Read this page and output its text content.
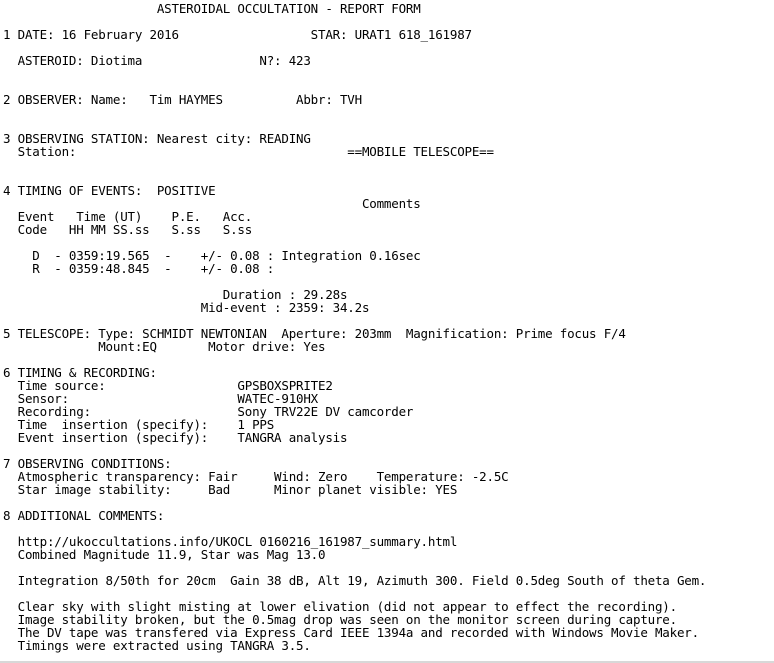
ASTEROIDAL OCCULTATION - REPORT FORM

1 DATE: 16 February 2016                  STAR: URAT1 618_161987

ASTEROID: Diotima                N?: 423

2 OBSERVER: Name:   Tim HAYMES          Abbr: TVH

3 OBSERVING STATION: Nearest city: READING
Station:                                     ==MOBILE TELESCOPE==

4 TIMING OF EVENTS:  POSITIVE
Comments
Event   Time (UT)    P.E.   Acc.
Code   HH MM SS.ss   S.ss   S.ss

D  - 0359:19.565  -    +/- 0.08 : Integration 0.16sec
R  - 0359:48.845  -    +/- 0.08 :

Duration : 29.28s
Mid-event : 2359: 34.2s

5 TELESCOPE: Type: SCHMIDT NEWTONIAN  Aperture: 203mm  Magnification: Prime focus F/4
Mount:EQ       Motor drive: Yes

6 TIMING & RECORDING:
Time source:                  GPSBOXSPRITE2
Sensor:                       WATEC-910HX
Recording:                    Sony TRV22E DV camcorder
Time  insertion (specify):    1 PPS
Event insertion (specify):    TANGRA analysis

7 OBSERVING CONDITIONS:
Atmospheric transparency: Fair     Wind: Zero    Temperature: -2.5C
Star image stability:     Bad      Minor planet visible: YES

8 ADDITIONAL COMMENTS:

http://ukoccultations.info/UKOCL 0160216_161987_summary.html
Combined Magnitude 11.9, Star was Mag 13.0

Integration 8/50th for 20cm  Gain 38 dB, Alt 19, Azimuth 300. Field 0.5deg South of theta Gem.

Clear sky with slight misting at lower elivation (did not appear to effect the recording).
Image stability broken, but the 0.5mag drop was seen on the monitor screen during capture.
The DV tape was transfered via Express Card IEEE 1394a and recorded with Windows Movie Maker.
Timings were extracted using TANGRA 3.5.
